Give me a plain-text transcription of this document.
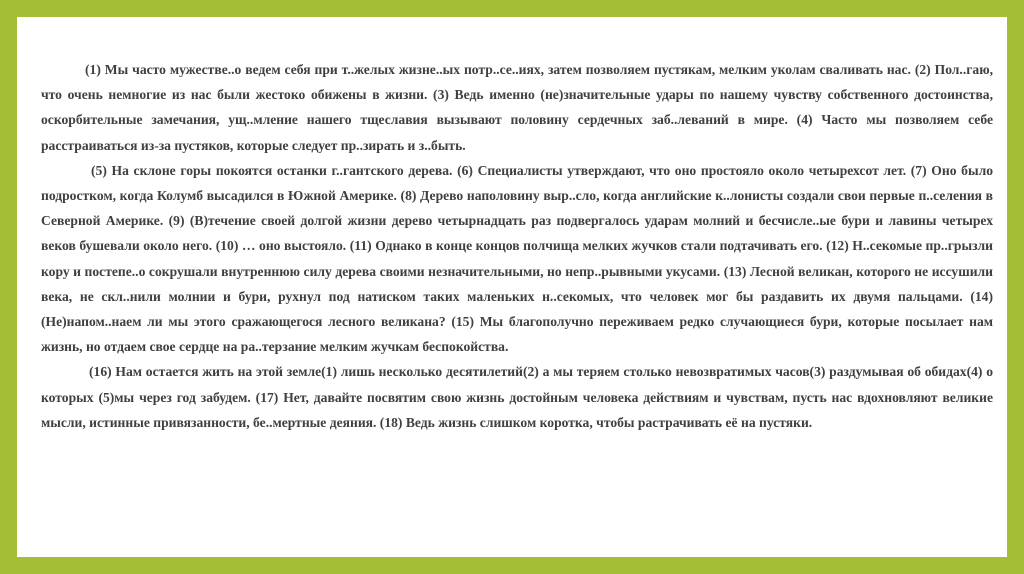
(1) Мы часто мужестве..о ведем себя при т..желых жизне..ых потр..се..иях, затем позволяем пустякам, мелким уколам сваливать нас. (2) Пол..гаю, что очень немногие из нас были жестоко обижены в жизни. (3) Ведь именно (не)значительные удары по нашему чувству собственного достоинства, оскорбительные замечания, ущ..мление нашего тщеславия вызывают половину сердечных заб..леваний в мире. (4) Часто мы позволяем себе расстраиваться из-за пустяков, которые следует пр..зирать и з..быть.

(5) На склоне горы покоятся останки г..гантского дерева. (6) Специалисты утверждают, что оно простояло около четырехсот лет. (7) Оно было подростком, когда Колумб высадился в Южной Америке. (8) Дерево наполовину выр..сло, когда английские к..лонисты создали свои первые п..селения в Северной Америке. (9) (В)течение своей долгой жизни дерево четырнадцать раз подвергалось ударам молний и бесчисле..ые бури и лавины четырех веков бушевали около него. (10) … оно выстояло. (11) Однако в конце концов полчища мелких жучков стали подтачивать его. (12) Н..секомые пр..грызли кору и постепе..о сокрушали внутреннюю силу дерева своими незначительными, но непр..рывными укусами. (13) Лесной великан, которого не иссушили века, не скл..нили молнии и бури, рухнул под натиском таких маленьких н..секомых, что человек мог бы раздавить их двумя пальцами. (14) (Не)напом..наем ли мы этого сражающегося лесного великана? (15) Мы благополучно переживаем редко случающиеся бури, которые посылает нам жизнь, но отдаем свое сердце на ра..терзание мелким жучкам беспокойства.

(16) Нам остается жить на этой земле(1) лишь несколько десятилетий(2) а мы теряем столько невозвратимых часов(3) раздумывая об обидах(4) о которых (5)мы через год забудем. (17) Нет, давайте посвятим свою жизнь достойным человека действиям и чувствам, пусть нас вдохновляют великие мысли, истинные привязанности, бе..мертные деяния. (18) Ведь жизнь слишком коротка, чтобы растрачивать её на пустяки.
